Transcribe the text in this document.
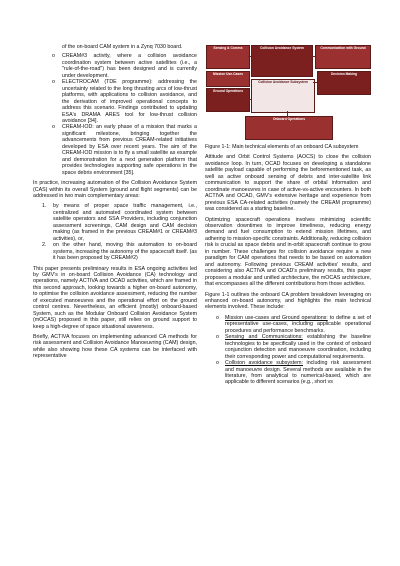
of the on-board CAM system in a Zynq 7030 board.

o CREAM#3 activity, where a collision avoidance coordination system between active satellites (i.e., a "rule-of-the-road") has been designed and is currently under development.
o ELECTROCAM (TDE programme): addressing the uncertainty related to the long thrusting arcs of low-thrust platforms, with applications to collision avoidance, and the derivation of improved operational concepts to address this scenario. Findings contributed to updating ESA's DRAMA ARES tool for low-thrust collision avoidance [34].
o CREAM-IOD: an early phase of a mission that marks a significant milestone, bringing together the advancements from previous CREAM-related initiatives developed by ESA over recent years. The aim of the CREAM-IOD mission is to fly a small satellite as example and demonstration for a next generation platform that provides technologies supporting safe operations in the space debris environment [35].

In practice, increasing automation of the Collision Avoidance System (CAS) within its overall System (ground and flight segments) can be addressed in two main complementary areas:

1. by means of proper space traffic management, i.e., centralized and automated coordinated system between satellite operators and SSA Providers, including conjunction assessment screenings, CAM design and CAM decision making (as framed in the previous CREAM#1 or CREAM#3 activities), or,
2. on the other hand, moving this automation to on-board systems, increasing the autonomy of the spacecraft itself. (as it has been proposed by CREAM#2)

This paper presents preliminary results in ESA ongoing activities led by GMV's in on-board Collision Avoidance (CA) technology and operations, namely ACTIVA and OCAD activities, which are framed in this second approach, looking towards a higher on-board autonomy, to optimise the collision avoidance assessment, reducing the number of executed manoeuvres and the operational effort on the ground control centres. Nevertheless, an efficient (mostly) onboard-based System, such as the Modular Onboard Collision Avoidance System (mOCAS) proposed in this paper, still relies on ground support to keep a high-degree of space situational awareness.

Briefly, ACTIVA focuses on implementing advanced CA methods for risk assessment and Collision Avoidance Manoeuvring (CAM) design, while also showing how these CA systems can be interfaced with representative

Sensing & Comms	Collision Avoidance System	Communication with Ground
Mission Use-Cases
Ground Operations
Collision Avoidance Subsystem
Decision Making
Onboard Operations
Figure 1-1: Main technical elements of an onboard CA subsystem

Attitude and Orbit Control Systems (AOCS) to close the collision avoidance loop. In turn, OCAD focuses on developing a standalone satellite payload capable of performing the beforementioned task, as well as active onboard sensing of debris and inter-satellite link communication to support the share of orbital information and coordinate manoeuvres in case of active-vs-active encounters. In both ACTIVA and OCAD, GMV's extensive heritage and experience from previous ESA CA-related activities (namely the CREAM programme) was considered as a starting baseline.

Optimizing spacecraft operations involves minimizing scientific observation downtimes to improve timeliness, reducing energy demand and fuel consumption to extend mission lifetimes, and adhering to mission-specific constraints. Additionally, reducing collision risk is crucial as space debris and in-orbit spacecraft continue to grow in number. These challenges for collision avoidance require a new paradigm for CAM operations that needs to be based on automation and autonomy. Following previous CREAM activities' results, and considering also ACTIVA and OCAD's preliminary results, this paper proposes a modular and unified architecture, the mOCAS architecture, that encompasses all the different contributions from those activities.

Figure 1-1 outlines the onboard CA problem breakdown leveraging on enhanced on-board autonomy, and highlights the main technical elements involved. These include:

o Mission use-cases and Ground operations: to define a set of representative use-cases, including applicable operational procedures and performance benchmarks.
o Sensing and Communications: establishing the baseline technologies to be specifically used in the context of onboard conjunction detection and manoeuvre coordination, including their corresponding power and computational requirements.
o Collision avoidance subsystem: including risk assessment and manoeuvre design. Several methods are available in the literature, from analytical to numerical-based, which are applicable to different scenarios (e.g., short vs
